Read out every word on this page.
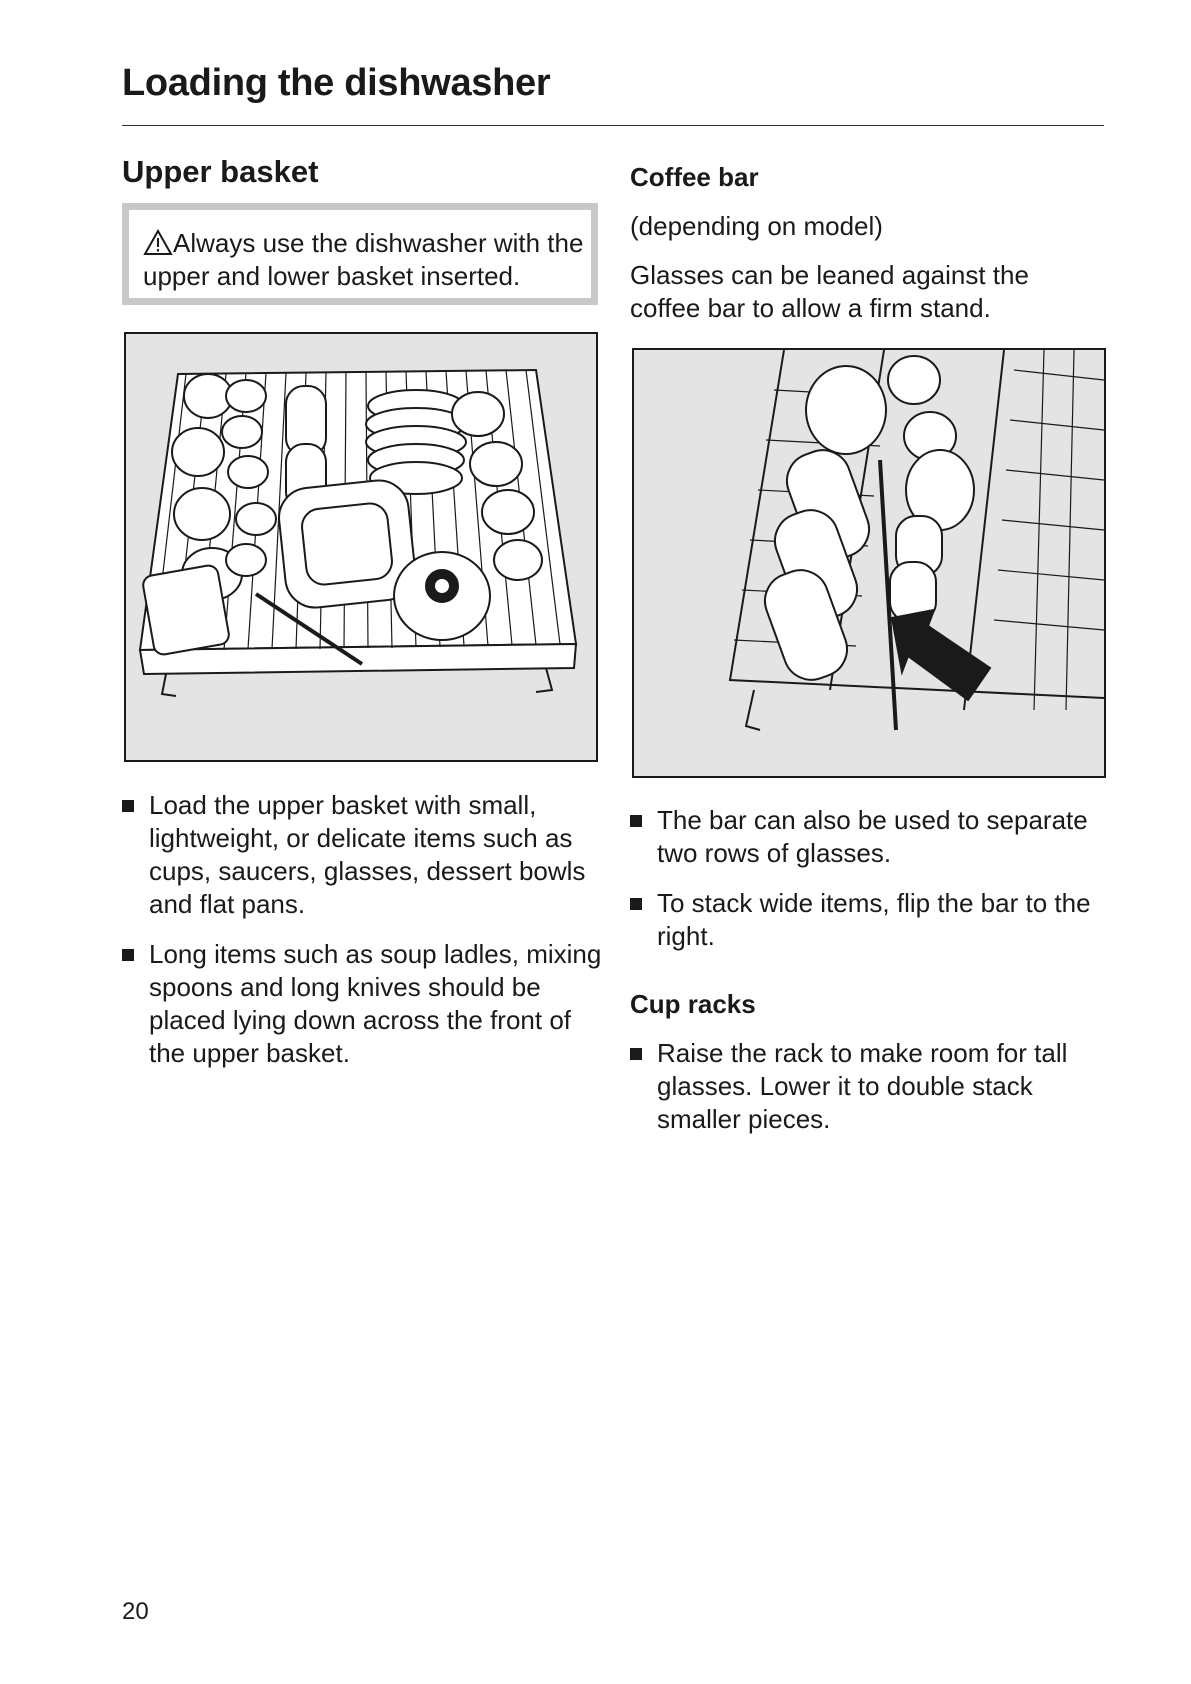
Loading the dishwasher
Upper basket
Always use the dishwasher with the upper and lower basket inserted.
Load the upper basket with small, lightweight, or delicate items such as cups, saucers, glasses, dessert bowls and flat pans.
Long items such as soup ladles, mixing spoons and long knives should be placed lying down across the front of the upper basket.
Coffee bar

(depending on model)

Glasses can be leaned against the coffee bar to allow a firm stand.

The bar can also be used to separate two rows of glasses.
To stack wide items, flip the bar to the right.
Cup racks
Raise the rack to make room for tall glasses. Lower it to double stack smaller pieces.
20
